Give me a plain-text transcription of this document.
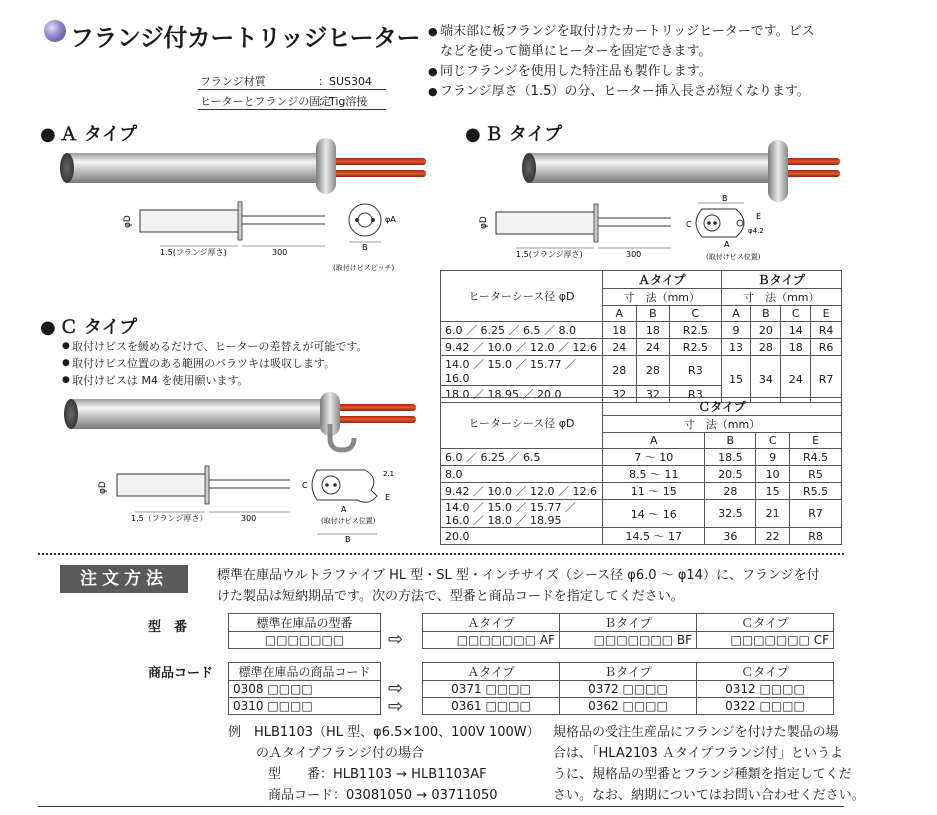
フランジ付カートリッジヒーター	● 端末部に板フランジを取付けたカートリッジヒーターです。ビス
などを使って簡単にヒーターを固定できます。
● 同じフランジを使用した特注品も製作します。
● フランジ厚さ（1.5）の分、ヒーター挿入長さが短くなります。
フランジ材質	：SUS304
ヒーターとフランジの固定
：Tig溶接
● Ａ タイプ
φD
1.5(フランジ厚さ)	300
B
φA
(取付けビスピッチ)
● Ｂ タイプ
φD
1.5(フランジ厚さ)	300
B
C
E
φ4.2
A
(取付けビス位置)
ヒーターシース径 φD	Ａタイプ			Ｂタイプ			
	寸　法（mm）			寸　法（mm）			
	A	B	C	A	B	C	E
6.0 ／ 6.25 ／ 6.5 ／ 8.0	18	18	R2.5	9	20	14	R4
9.42 ／ 10.0 ／ 12.0 ／ 12.6	24	24	R2.5	13	28	18	R6
14.0 ／ 15.0 ／ 15.77 ／ 16.0	28	28	R3	15	34	24	R7
18.0 ／ 18.95 ／ 20.0	32	32	R3				
● Ｃ タイプ
● 取付けビスを緩めるだけで、ヒーターの差替えが可能です。
● 取付けビス位置のある範囲のバラツキは吸収します。
● 取付けビスは M4 を使用願います。
φD
1.5（フランジ厚さ）	300
C
A
(取付けビス位置)
B
2.1
E
ヒーターシース径 φD	Ｃタイプ			
	寸　法（mm）			
	A	B	C	E
6.0 ／ 6.25 ／ 6.5	7 ～ 10	18.5	9	R4.5
8.0	8.5 ～ 11	20.5	10	R5
9.42 ／ 10.0 ／ 12.0 ／ 12.6	11 ～ 15	28	15	R5.5
14.0 ／ 15.0 ／ 15.77 ／
16.0 ／ 18.0 ／ 18.95	14 ～ 16	32.5	21	R7
20.0	14.5 ～ 17	36	22	R8
注文方法	標準在庫品ウルトラファイブ HL 型・SL 型・インチサイズ（シース径 φ6.0 ～ φ14）に、フランジを付
けた製品は短納期品です。次の方法で、型番と商品コードを指定してください。
型　番	標準在庫品の型番
□□□□□□□ ⇨
Ａタイプ	Ｂタイプ	Ｃタイプ
□□□□□□□ AF	□□□□□□□ BF	□□□□□□□ CF
商品コード 標準在庫品の商品コード
0308 □□□□
0310 □□□□
⇨
⇨
Ａタイプ	Ｂタイプ	Ｃタイプ
0371 □□□□	0372 □□□□	0312 □□□□
0361 □□□□	0362 □□□□	0322 □□□□
例　HLB1103（HL 型、φ6.5×100、100V 100W）
のＡタイプフランジ付の場合
型　　番：HLB1103 → HLB1103AF
商品コード：03081050 → 03711050
規格品の受注生産品にフランジを付けた製品の場
合は、「HLA2103 Ａタイプフランジ付」というよ
うに、規格品の型番とフランジ種類を指定してくだ
さい。なお、納期についてはお問い合わせください。
